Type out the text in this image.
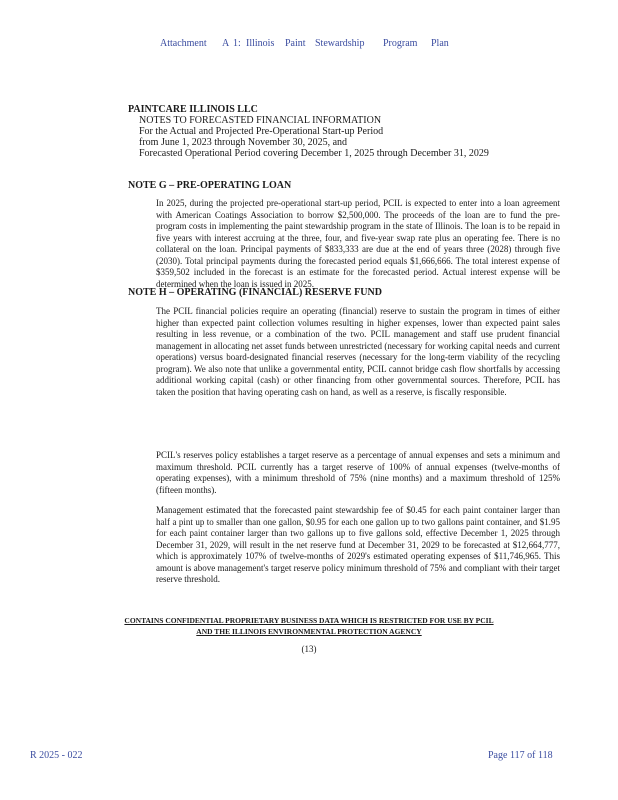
Attachment A 1: Illinois Paint Stewardship Program Plan
PAINTCARE ILLINOIS LLC
NOTES TO FORECASTED FINANCIAL INFORMATION
For the Actual and Projected Pre-Operational Start-up Period
from June 1, 2023 through November 30, 2025, and
Forecasted Operational Period covering December 1, 2025 through December 31, 2029
NOTE G – PRE-OPERATING LOAN

In 2025, during the projected pre-operational start-up period, PCIL is expected to enter into a loan agreement with American Coatings Association to borrow $2,500,000. The proceeds of the loan are to fund the pre-program costs in implementing the paint stewardship program in the state of Illinois. The loan is to be repaid in five years with interest accruing at the three, four, and five-year swap rate plus an operating fee. There is no collateral on the loan. Principal payments of $833,333 are due at the end of years three (2028) through five (2030). Total principal payments during the forecasted period equals $1,666,666. The total interest expense of $359,502 included in the forecast is an estimate for the forecasted period. Actual interest expense will be determined when the loan is issued in 2025.

NOTE H – OPERATING (FINANCIAL) RESERVE FUND

The PCIL financial policies require an operating (financial) reserve to sustain the program in times of either higher than expected paint collection volumes resulting in higher expenses, lower than expected paint sales resulting in less revenue, or a combination of the two. PCIL management and staff use prudent financial management in allocating net asset funds between unrestricted (necessary for working capital needs and current operations) versus board-designated financial reserves (necessary for the long-term viability of the recycling program). We also note that unlike a governmental entity, PCIL cannot bridge cash flow shortfalls by accessing additional working capital (cash) or other financing from other governmental sources. Therefore, PCIL has taken the position that having operating cash on hand, as well as a reserve, is fiscally responsible.

PCIL's reserves policy establishes a target reserve as a percentage of annual expenses and sets a minimum and maximum threshold. PCIL currently has a target reserve of 100% of annual expenses (twelve-months of operating expenses), with a minimum threshold of 75% (nine months) and a maximum threshold of 125% (fifteen months).

Management estimated that the forecasted paint stewardship fee of $0.45 for each paint container larger than half a pint up to smaller than one gallon, $0.95 for each one gallon up to two gallons paint container, and $1.95 for each paint container larger than two gallons up to five gallons sold, effective December 1, 2025 through December 31, 2029, will result in the net reserve fund at December 31, 2029 to be forecasted at $12,664,777, which is approximately 107% of twelve-months of 2029's estimated operating expenses of $11,746,965. This amount is above management's target reserve policy minimum threshold of 75% and compliant with their target reserve threshold.

CONTAINS CONFIDENTIAL PROPRIETARY BUSINESS DATA WHICH IS RESTRICTED FOR USE BY PCIL
AND THE ILLINOIS ENVIRONMENTAL PROTECTION AGENCY
(13)
R 2025 - 022	Page 117 of 118
